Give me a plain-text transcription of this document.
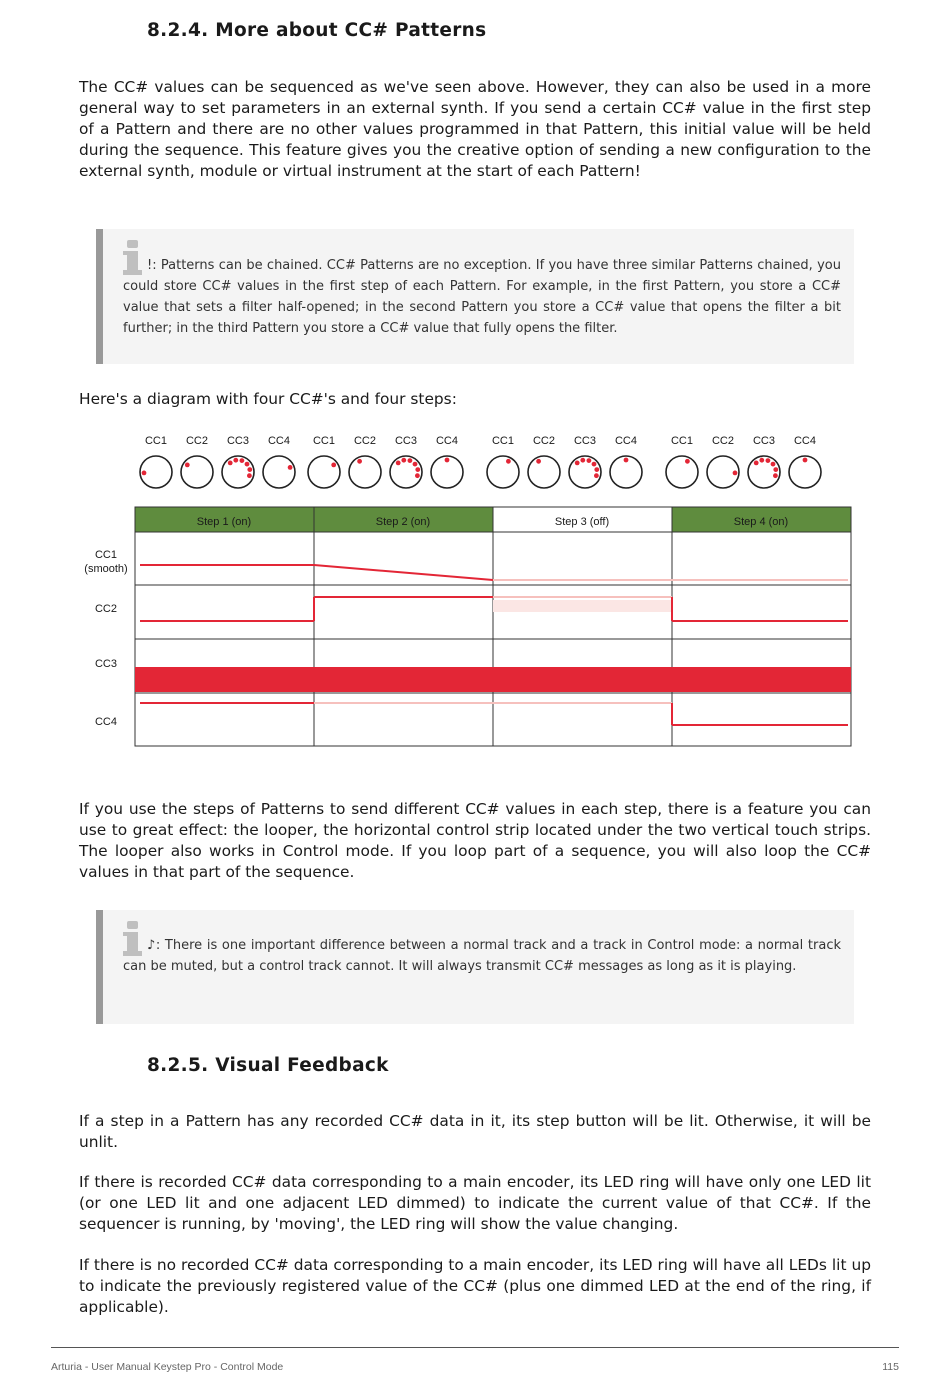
8.2.4. More about CC# Patterns

The CC# values can be sequenced as we've seen above. However, they can also be used in a more general way to set parameters in an external synth. If you send a certain CC# value in the first step of a Pattern and there are no other values programmed in that Pattern, this initial value will be held during the sequence. This feature gives you the creative option of sending a new configuration to the external synth, module or virtual instrument at the start of each Pattern!

!: Patterns can be chained. CC# Patterns are no exception. If you have three similar Patterns chained, you could store CC# values in the first step of each Pattern. For example, in the first Pattern, you store a CC# value that sets a filter half-opened; in the second Pattern you store a CC# value that opens the filter a bit further; in the third Pattern you store a CC# value that fully opens the filter.

Here's a diagram with four CC#'s and four steps:

CC1 CC2 CC3 CC4 CC1 CC2 CC3 CC4	CC1 CC2 CC3 CC4	CC1 CC2 CC3 CC4
Step 1 (on)	Step 2 (on)	Step 3 (off)	Step 4 (on)
CC1
(smooth)
CC2
CC3
CC4

If you use the steps of Patterns to send different CC# values in each step, there is a feature you can use to great effect: the looper, the horizontal control strip located under the two vertical touch strips. The looper also works in Control mode. If you loop part of a sequence, you will also loop the CC# values in that part of the sequence.

♪: There is one important difference between a normal track and a track in Control mode: a normal track can be muted, but a control track cannot. It will always transmit CC# messages as long as it is playing.

8.2.5. Visual Feedback

If a step in a Pattern has any recorded CC# data in it, its step button will be lit. Otherwise, it will be unlit.

If there is recorded CC# data corresponding to a main encoder, its LED ring will have only one LED lit (or one LED lit and one adjacent LED dimmed) to indicate the current value of that CC#. If the sequencer is running, by 'moving', the LED ring will show the value changing.

If there is no recorded CC# data corresponding to a main encoder, its LED ring will have all LEDs lit up to indicate the previously registered value of the CC# (plus one dimmed LED at the end of the ring, if applicable).

Arturia - User Manual Keystep Pro - Control Mode	115
